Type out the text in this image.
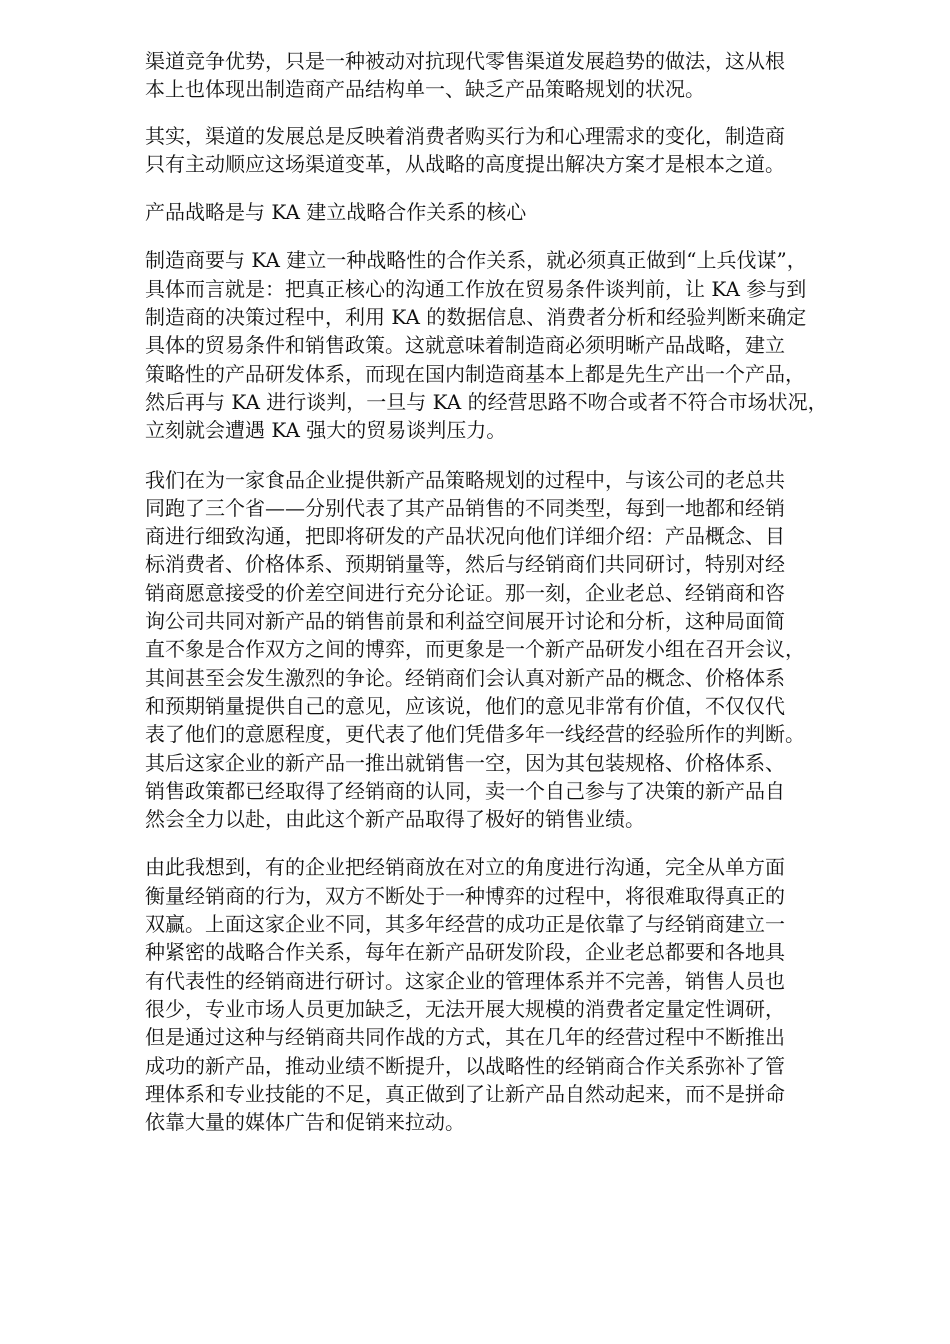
渠道竞争优势，只是一种被动对抗现代零售渠道发展趋势的做法，这从根
本上也体现出制造商产品结构单一、缺乏产品策略规划的状况。

其实，渠道的发展总是反映着消费者购买行为和心理需求的变化，制造商
只有主动顺应这场渠道变革，从战略的高度提出解决方案才是根本之道。

产品战略是与 KA 建立战略合作关系的核心

制造商要与 KA 建立一种战略性的合作关系，就必须真正做到“上兵伐谋”，
具体而言就是：把真正核心的沟通工作放在贸易条件谈判前，让 KA 参与到
制造商的决策过程中，利用 KA 的数据信息、消费者分析和经验判断来确定
具体的贸易条件和销售政策。这就意味着制造商必须明晰产品战略，建立
策略性的产品研发体系，而现在国内制造商基本上都是先生产出一个产品，
然后再与 KA 进行谈判，一旦与 KA 的经营思路不吻合或者不符合市场状况，
立刻就会遭遇 KA 强大的贸易谈判压力。

我们在为一家食品企业提供新产品策略规划的过程中，与该公司的老总共
同跑了三个省——分别代表了其产品销售的不同类型，每到一地都和经销
商进行细致沟通，把即将研发的产品状况向他们详细介绍：产品概念、目
标消费者、价格体系、预期销量等，然后与经销商们共同研讨，特别对经
销商愿意接受的价差空间进行充分论证。那一刻，企业老总、经销商和咨
询公司共同对新产品的销售前景和利益空间展开讨论和分析，这种局面简
直不象是合作双方之间的博弈，而更象是一个新产品研发小组在召开会议，
其间甚至会发生激烈的争论。经销商们会认真对新产品的概念、价格体系
和预期销量提供自己的意见，应该说，他们的意见非常有价值，不仅仅代
表了他们的意愿程度，更代表了他们凭借多年一线经营的经验所作的判断。
其后这家企业的新产品一推出就销售一空，因为其包装规格、价格体系、
销售政策都已经取得了经销商的认同，卖一个自己参与了决策的新产品自
然会全力以赴，由此这个新产品取得了极好的销售业绩。

由此我想到，有的企业把经销商放在对立的角度进行沟通，完全从单方面
衡量经销商的行为，双方不断处于一种博弈的过程中，将很难取得真正的
双赢。上面这家企业不同，其多年经营的成功正是依靠了与经销商建立一
种紧密的战略合作关系，每年在新产品研发阶段，企业老总都要和各地具
有代表性的经销商进行研讨。这家企业的管理体系并不完善，销售人员也
很少，专业市场人员更加缺乏，无法开展大规模的消费者定量定性调研，
但是通过这种与经销商共同作战的方式，其在几年的经营过程中不断推出
成功的新产品，推动业绩不断提升，以战略性的经销商合作关系弥补了管
理体系和专业技能的不足，真正做到了让新产品自然动起来，而不是拼命
依靠大量的媒体广告和促销来拉动。
